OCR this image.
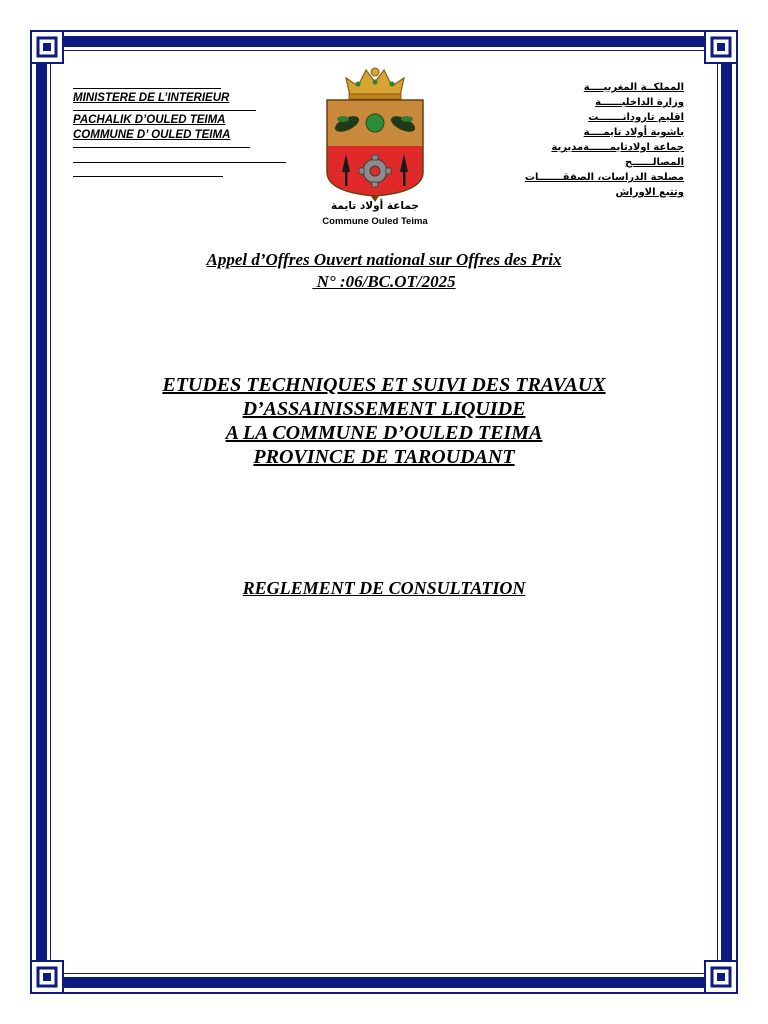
MINISTERE DE L’INTERIEUR
PACHALIK D’OULED TEIMA
COMMUNE D’ OULED TEIMA
جماعة أولاد تايمة
Commune Ouled Teima
المملكــة المغربيــــة
وزارة الداخليــــــة
اقليم تارودانـــــــت
باشوية أولاد تايمــــة
جماعة اولادتايمــــــةمديرية
المصالــــــح
مصلحة الدراسات، الصفقـــــــات
وتتبع الاوراش
Appel d’Offres Ouvert national sur Offres des Prix
N° :06/BC.OT/2025
ETUDES TECHNIQUES ET SUIVI DES TRAVAUX
D’ASSAINISSEMENT LIQUIDE
A LA COMMUNE D’OULED TEIMA
PROVINCE DE TAROUDANT
REGLEMENT DE CONSULTATION
